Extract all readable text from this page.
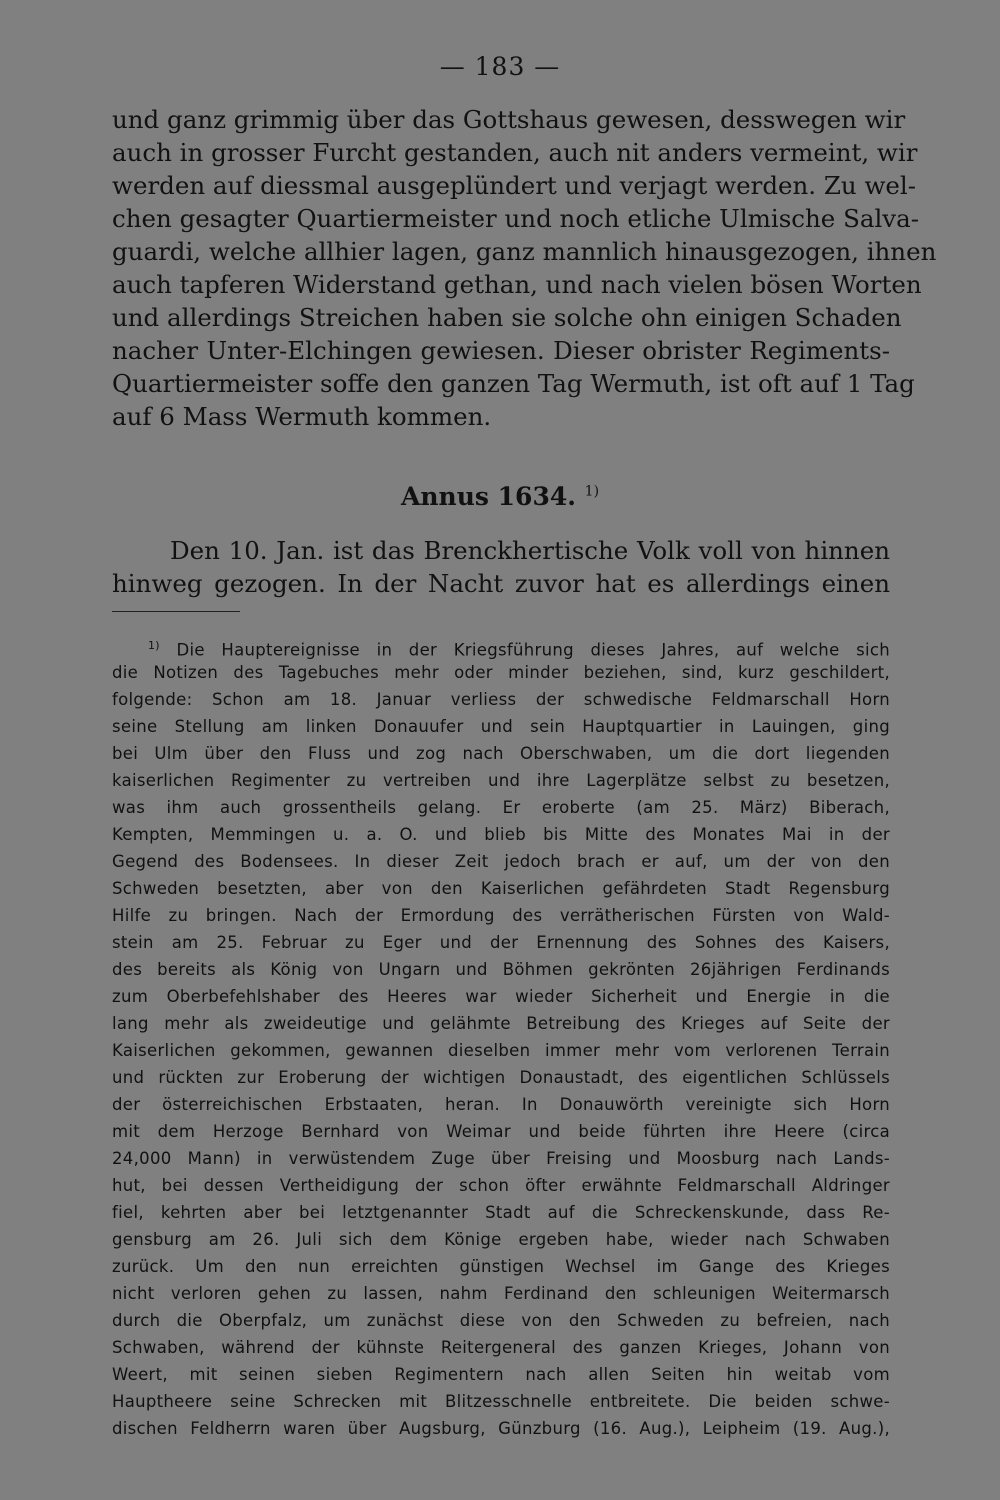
— 183 —
und ganz grimmig über das Gottshaus gewesen, desswegen wir
auch in grosser Furcht gestanden, auch nit anders vermeint, wir
werden auf diessmal ausgeplündert und verjagt werden. Zu wel-
chen gesagter Quartiermeister und noch etliche Ulmische Salva-
guardi, welche allhier lagen, ganz mannlich hinausgezogen, ihnen
auch tapferen Widerstand gethan, und nach vielen bösen Worten
und allerdings Streichen haben sie solche ohn einigen Schaden
nacher Unter-Elchingen gewiesen. Dieser obrister Regiments-
Quartiermeister soffe den ganzen Tag Wermuth, ist oft auf 1 Tag
auf 6 Mass Wermuth kommen.
Annus 1634. $^{1)}$
Den 10. Jan. ist das Brenckhertische Volk voll von hinnen
hinweg gezogen. In der Nacht zuvor hat es allerdings einen
$^{1)}$ Die Hauptereignisse in der Kriegsführung dieses Jahres, auf welche sich
die Notizen des Tagebuches mehr oder minder beziehen, sind, kurz geschildert,
folgende: Schon am 18. Januar verliess der schwedische Feldmarschall Horn
seine Stellung am linken Donauufer und sein Hauptquartier in Lauingen, ging
bei Ulm über den Fluss und zog nach Oberschwaben, um die dort liegenden
kaiserlichen Regimenter zu vertreiben und ihre Lagerplätze selbst zu besetzen,
was ihm auch grossentheils gelang. Er eroberte (am 25. März) Biberach,
Kempten, Memmingen u. a. O. und blieb bis Mitte des Monates Mai in der
Gegend des Bodensees. In dieser Zeit jedoch brach er auf, um der von den
Schweden besetzten, aber von den Kaiserlichen gefährdeten Stadt Regensburg
Hilfe zu bringen. Nach der Ermordung des verrätherischen Fürsten von Wald-
stein am 25. Februar zu Eger und der Ernennung des Sohnes des Kaisers,
des bereits als König von Ungarn und Böhmen gekrönten 26jährigen Ferdinands
zum Oberbefehlshaber des Heeres war wieder Sicherheit und Energie in die
lang mehr als zweideutige und gelähmte Betreibung des Krieges auf Seite der
Kaiserlichen gekommen, gewannen dieselben immer mehr vom verlorenen Terrain
und rückten zur Eroberung der wichtigen Donaustadt, des eigentlichen Schlüssels
der österreichischen Erbstaaten, heran. In Donauwörth vereinigte sich Horn
mit dem Herzoge Bernhard von Weimar und beide führten ihre Heere (circa
24,000 Mann) in verwüstendem Zuge über Freising und Moosburg nach Lands-
hut, bei dessen Vertheidigung der schon öfter erwähnte Feldmarschall Aldringer
fiel, kehrten aber bei letztgenannter Stadt auf die Schreckenskunde, dass Re-
gensburg am 26. Juli sich dem Könige ergeben habe, wieder nach Schwaben
zurück. Um den nun erreichten günstigen Wechsel im Gange des Krieges
nicht verloren gehen zu lassen, nahm Ferdinand den schleunigen Weitermarsch
durch die Oberpfalz, um zunächst diese von den Schweden zu befreien, nach
Schwaben, während der kühnste Reitergeneral des ganzen Krieges, Johann von
Weert, mit seinen sieben Regimentern nach allen Seiten hin weitab vom
Hauptheere seine Schrecken mit Blitzesschnelle entbreitete. Die beiden schwe-
dischen Feldherrn waren über Augsburg, Günzburg (16. Aug.), Leipheim (19. Aug.),
